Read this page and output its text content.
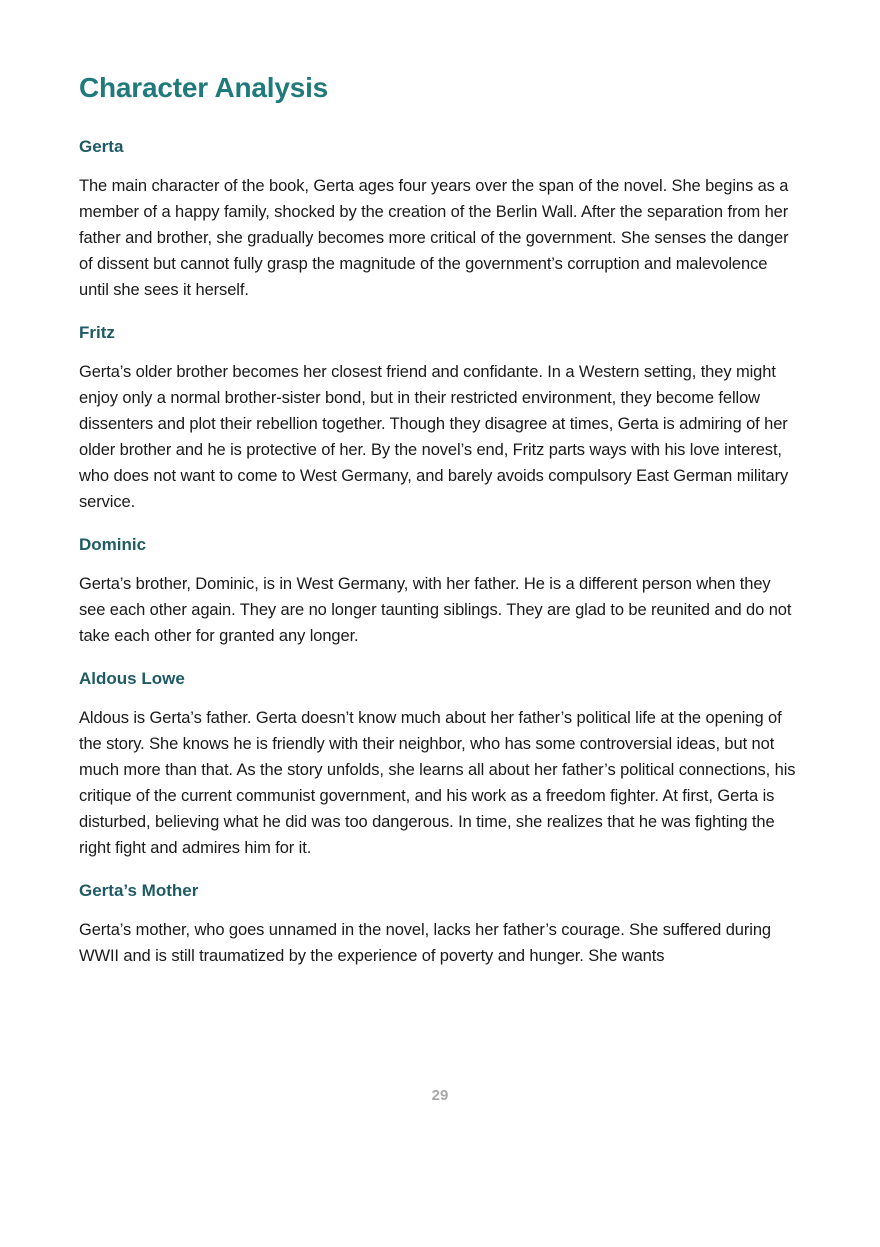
Character Analysis
Gerta

The main character of the book, Gerta ages four years over the span of the novel. She begins as a member of a happy family, shocked by the creation of the Berlin Wall. After the separation from her father and brother, she gradually becomes more critical of the government. She senses the danger of dissent but cannot fully grasp the magnitude of the government’s corruption and malevolence until she sees it herself.

Fritz

Gerta’s older brother becomes her closest friend and confidante. In a Western setting, they might enjoy only a normal brother-sister bond, but in their restricted environment, they become fellow dissenters and plot their rebellion together. Though they disagree at times, Gerta is admiring of her older brother and he is protective of her. By the novel’s end, Fritz parts ways with his love interest, who does not want to come to West Germany, and barely avoids compulsory East German military service.

Dominic

Gerta’s brother, Dominic, is in West Germany, with her father. He is a different person when they see each other again. They are no longer taunting siblings. They are glad to be reunited and do not take each other for granted any longer.

Aldous Lowe

Aldous is Gerta’s father. Gerta doesn’t know much about her father’s political life at the opening of the story. She knows he is friendly with their neighbor, who has some controversial ideas, but not much more than that. As the story unfolds, she learns all about her father’s political connections, his critique of the current communist government, and his work as a freedom fighter. At first, Gerta is disturbed, believing what he did was too dangerous. In time, she realizes that he was fighting the right fight and admires him for it.

Gerta’s Mother

Gerta’s mother, who goes unnamed in the novel, lacks her father’s courage. She suffered during WWII and is still traumatized by the experience of poverty and hunger. She wants

29
